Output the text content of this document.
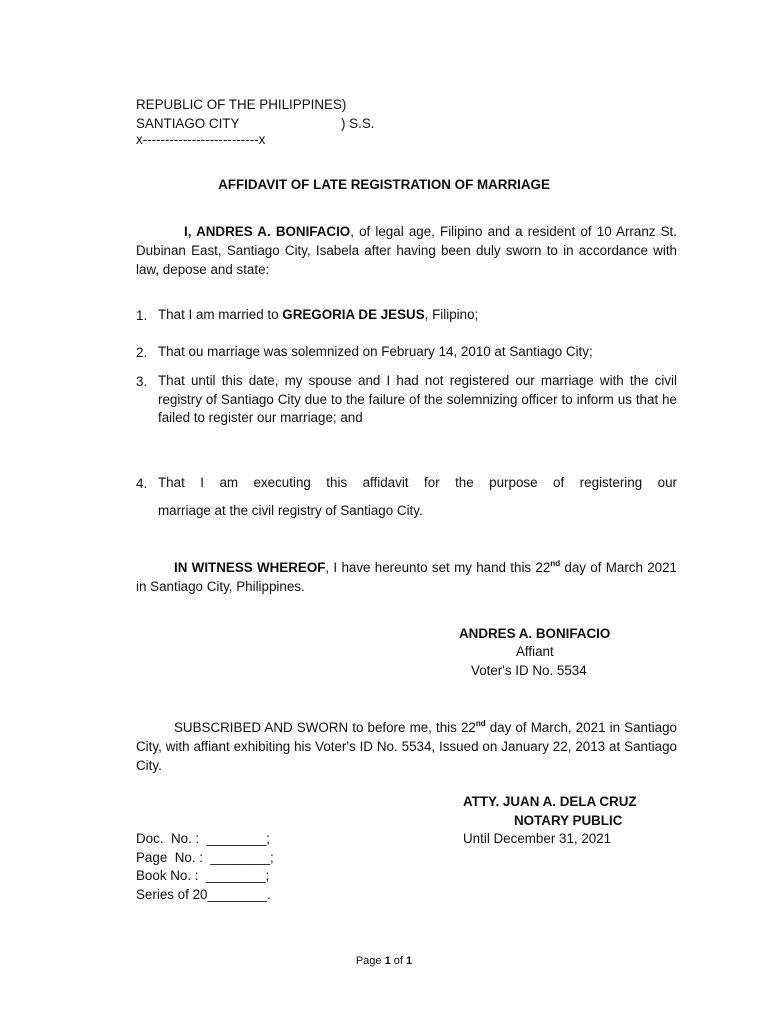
REPUBLIC OF THE PHILIPPINES)
SANTIAGO CITY	) S.S.
x--------------------------x
AFFIDAVIT OF LATE REGISTRATION OF MARRIAGE
I, ANDRES A. BONIFACIO, of legal age, Filipino and a resident of 10 Arranz St. Dubinan East, Santiago City, Isabela after having been duly sworn to in accordance with law, depose and state:
1. That I am married to GREGORIA DE JESUS, Filipino;
2. That ou marriage was solemnized on February 14, 2010 at Santiago City;
3. That until this date, my spouse and I had not registered our marriage with the civil registry of Santiago City due to the failure of the solemnizing officer to inform us that he failed to register our marriage; and
4. That I am executing this affidavit for the purpose of registering our
marriage at the civil registry of Santiago City.
IN WITNESS WHEREOF, I have hereunto set my hand this 22nd day of March 2021 in Santiago City, Philippines.
ANDRES A. BONIFACIO
Affiant
Voter's ID No. 5534
SUBSCRIBED AND SWORN to before me, this 22nd day of March, 2021 in Santiago City, with affiant exhibiting his Voter's ID No. 5534, Issued on January 22, 2013 at Santiago City.
ATTY. JUAN A. DELA CRUZ
NOTARY PUBLIC
Until December 31, 2021
Doc.  No. :  ________;
Page  No. :  ________;
Book No. :  ________;
Series of 20________.
Page 1 of 1
